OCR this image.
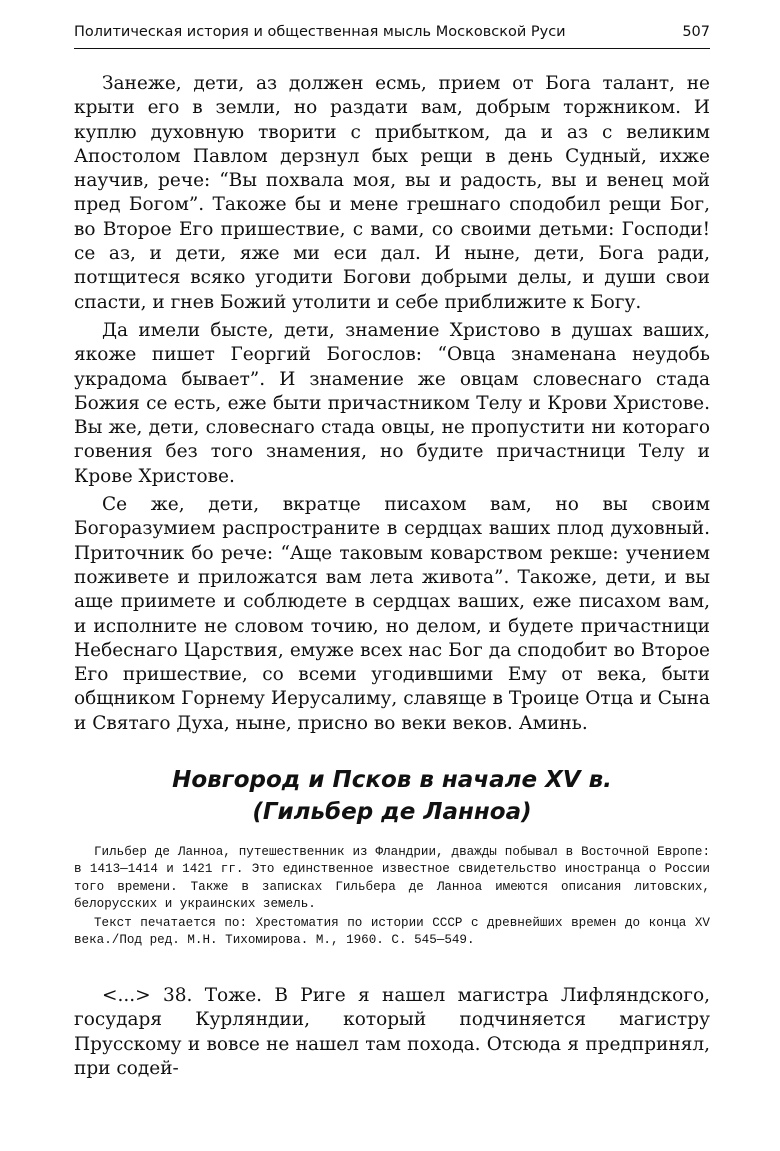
Политическая история и общественная мысль Московской Руси	507

Занеже, дети, аз должен есмь, прием от Бога талант, не крыти его в земли, но раздати вам, добрым торжником. И куплю духовную творити с прибытком, да и аз с великим Апостолом Павлом дерзнул бых рещи в день Судный, ихже научив, рече: “Вы похвала моя, вы и радость, вы и венец мой пред Богом”. Такоже бы и мене грешнаго сподобил рещи Бог, во Второе Его пришествие, с вами, со своими детьми: Господи! се аз, и дети, яже ми еси дал. И ныне, дети, Бога ради, потщитеся всяко угодити Богови добрыми делы, и души свои спасти, и гнев Божий утолити и себе приближите к Богу.

Да имели бысте, дети, знамение Христово в душах ваших, якоже пишет Георгий Богослов: “Овца знаменана неудобь украдома бывает”. И знамение же овцам словеснаго стада Божия се есть, еже быти причастником Телу и Крови Христове. Вы же, дети, словеснаго стада овцы, не пропустити ни котораго говения без того знамения, но будите причастници Телу и Крове Христове.

Се же, дети, вкратце писахом вам, но вы своим Богоразумием распространите в сердцах ваших плод духовный. Приточник бо рече: “Аще таковым коварством рекше: учением поживете и приложатся вам лета живота”. Такоже, дети, и вы аще приимете и соблюдете в сердцах ваших, еже писахом вам, и исполните не словом точию, но делом, и будете причастници Небеснаго Царствия, емуже всех нас Бог да сподобит во Второе Его пришествие, со всеми угодившими Ему от века, быти общником Горнему Иерусалиму, славяще в Троице Отца и Сына и Святаго Духа, ныне, присно во веки веков. Аминь.

Новгород и Псков в начале XV в.
(Гильбер де Ланноа)

Гильбер де Ланноа, путешественник из Фландрии, дважды побывал в Восточной Европе: в 1413—1414 и 1421 гг. Это единственное известное свидетельство иностранца о России того времени. Также в записках Гильбера де Ланноа имеются описания литовских, белорусских и украинских земель.

Текст печатается по: Хрестоматия по истории СССР с древнейших времен до конца XV века./Под ред. М.Н. Тихомирова. М., 1960. С. 545—549.

<...> 38. Тоже. В Риге я нашел магистра Лифляндского, государя Курляндии, который подчиняется магистру Прусскому и вовсе не нашел там похода. Отсюда я предпринял, при содей-
